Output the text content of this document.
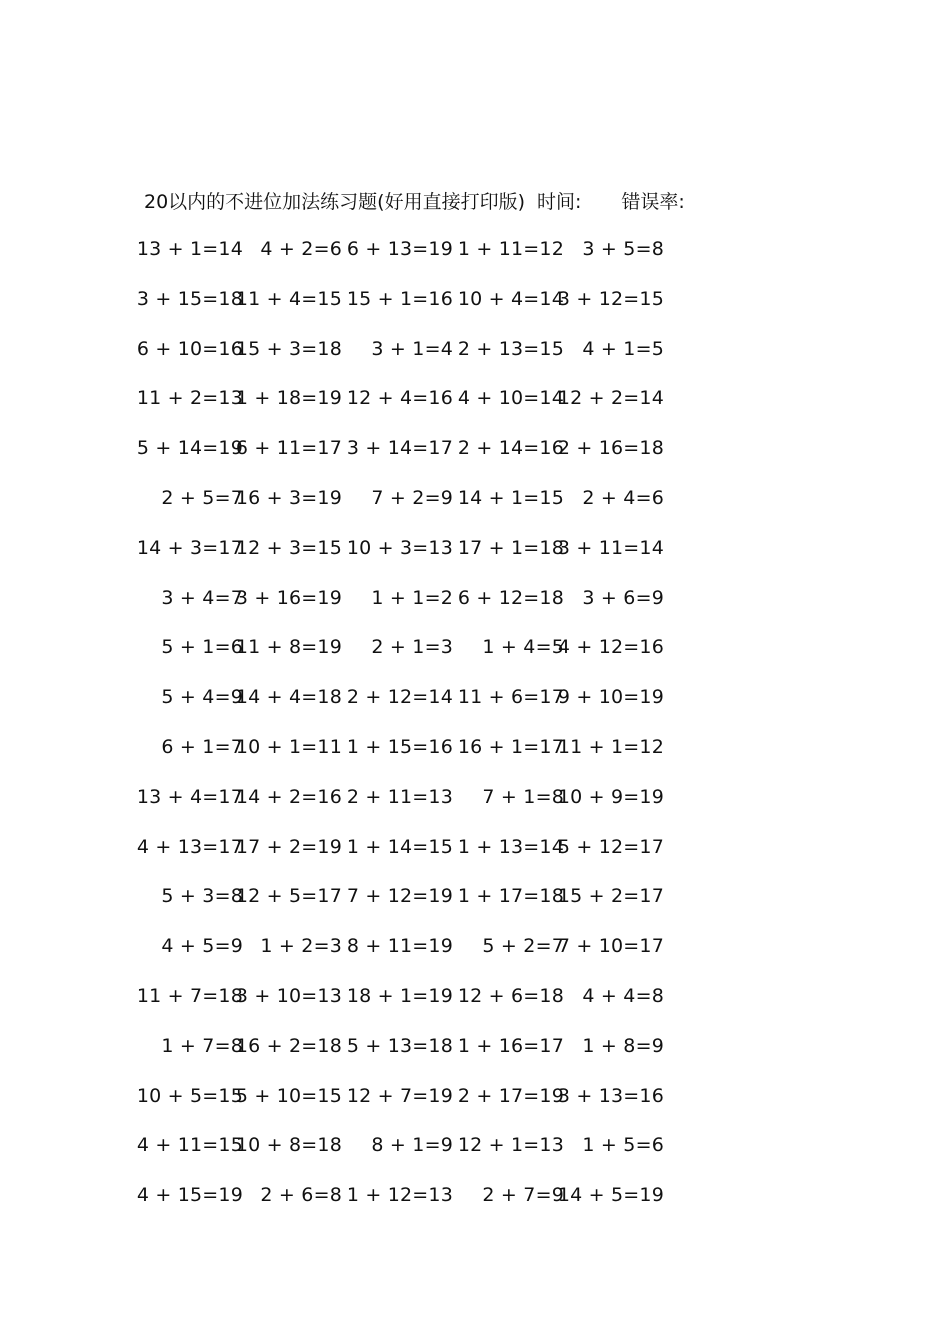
20以内的不进位加法练习题(好用直接打印版) 时间: 错误率:
13 + 1=14 4 + 2=6 6 + 13=19 1 + 11=12 3 + 5=8
3 + 15=18
11 + 4=15 15 + 1=16 10 + 4=14
3 + 12=15
6 + 10=16
15 + 3=18 3 + 1=4 2 + 13=15 4 + 1=5
11 + 2=13
1 + 18=19 12 + 4=16 4 + 10=14
12 + 2=14
5 + 14=19
6 + 11=17 3 + 14=17 2 + 14=16
2 + 16=18
2 + 5=7
16 + 3=19 7 + 2=9 14 + 1=15 2 + 4=6
14 + 3=17
12 + 3=15 10 + 3=13 17 + 1=18
3 + 11=14
3 + 4=7
3 + 16=19 1 + 1=2 6 + 12=18 3 + 6=9
5 + 1=6
11 + 8=19 2 + 1=3 1 + 4=5
4 + 12=16
5 + 4=9
14 + 4=18 2 + 12=14 11 + 6=17
9 + 10=19
6 + 1=7
10 + 1=11 1 + 15=16 16 + 1=17
11 + 1=12
13 + 4=17
14 + 2=16 2 + 11=13 7 + 1=8
10 + 9=19
4 + 13=17
17 + 2=19 1 + 14=15 1 + 13=14
5 + 12=17
5 + 3=8
12 + 5=17 7 + 12=19 1 + 17=18
15 + 2=17
4 + 5=9 1 + 2=3 8 + 11=19 5 + 2=7
7 + 10=17
11 + 7=18
3 + 10=13 18 + 1=19 12 + 6=18 4 + 4=8
1 + 7=8
16 + 2=18 5 + 13=18 1 + 16=17 1 + 8=9
10 + 5=15
5 + 10=15 12 + 7=19 2 + 17=19
3 + 13=16
4 + 11=15
10 + 8=18 8 + 1=9 12 + 1=13 1 + 5=6
4 + 15=19 2 + 6=8 1 + 12=13 2 + 7=9
14 + 5=19
